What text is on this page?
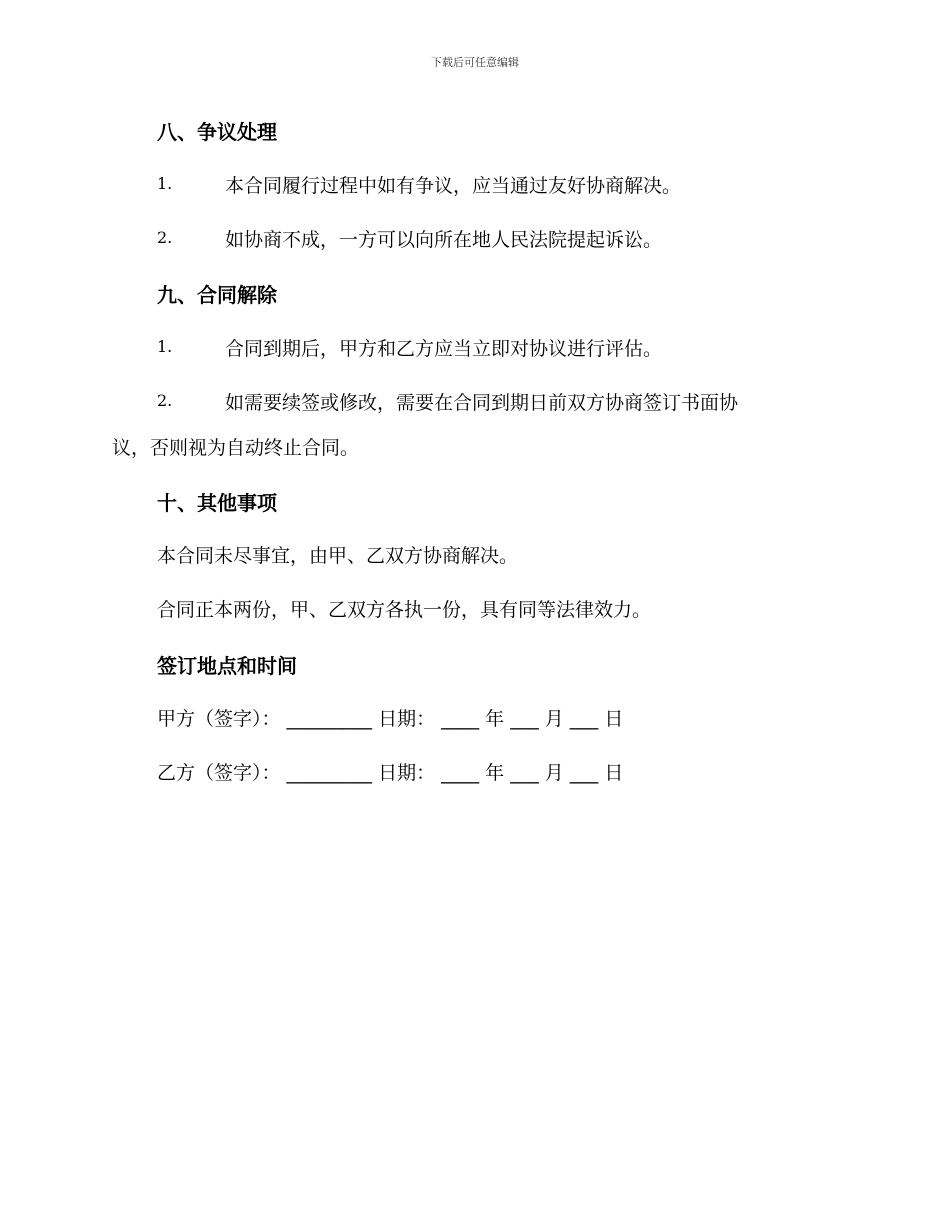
下载后可任意编辑
八、争议处理
1.	本合同履行过程中如有争议，应当通过友好协商解决。
2.	如协商不成，一方可以向所在地人民法院提起诉讼。
九、合同解除
1.	合同到期后，甲方和乙方应当立即对协议进行评估。
2.	如需要续签或修改，需要在合同到期日前双方协商签订书面协
议，否则视为自动终止合同。
十、其他事项
本合同未尽事宜，由甲、乙双方协商解决。
合同正本两份，甲、乙双方各执一份，具有同等法律效力。
签订地点和时间
甲方（签字）： _________ 日期： ____ 年 ___ 月 ___ 日
乙方（签字）： _________ 日期： ____ 年 ___ 月 ___ 日
